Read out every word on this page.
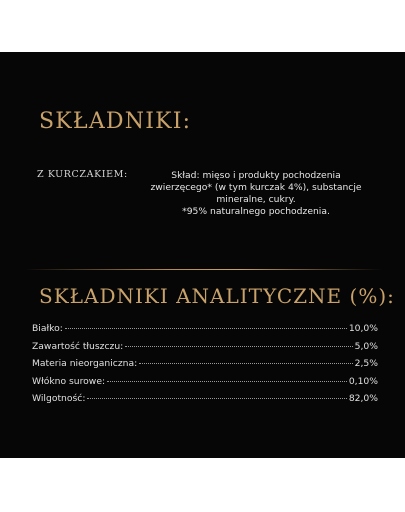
SKŁADNIKI:
Z KURCZAKIEM:	Skład: mięso i produkty pochodzenia
zwierzęcego* (w tym kurczak 4%), substancje
mineralne, cukry.
*95% naturalnego pochodzenia.
SKŁADNIKI ANALITYCZNE (%):
Białko:	10,0%
Zawartość tłuszczu:	5,0%
Materia nieorganiczna:	2,5%
Włókno surowe:	0,10%
Wilgotność:	82,0%
